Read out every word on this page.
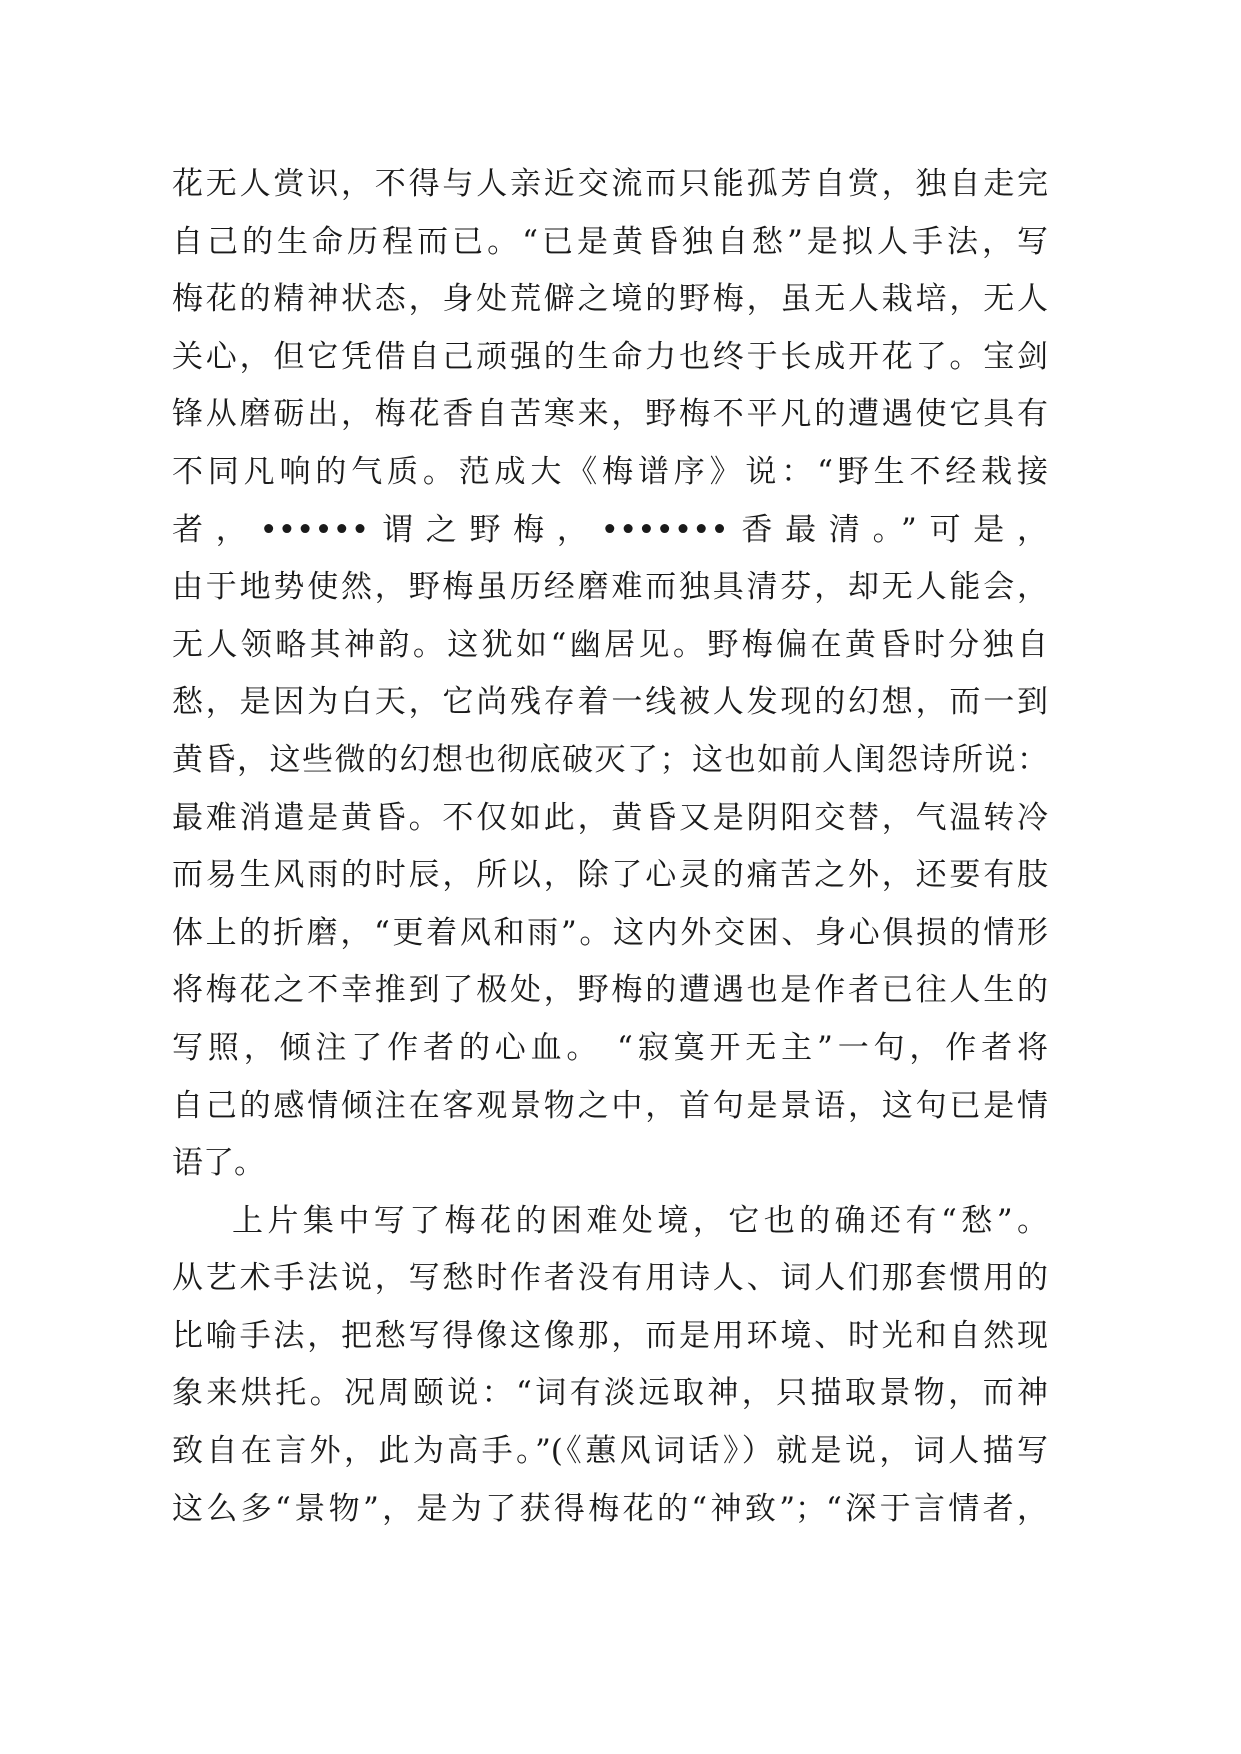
花无人赏识，不得与人亲近交流而只能孤芳自赏，独自走完
自己的生命历程而已。“已是黄昏独自愁”是拟人手法，写
梅花的精神状态，身处荒僻之境的野梅，虽无人栽培，无人
关心，但它凭借自己顽强的生命力也终于长成开花了。宝剑
锋从磨砺出，梅花香自苦寒来，野梅不平凡的遭遇使它具有
不同凡响的气质。范成大《梅谱序》说：“野生不经栽接
者，••••••谓之野梅，•••••••香最清。”可是，
由于地势使然，野梅虽历经磨难而独具清芬，却无人能会，
无人领略其神韵。这犹如“幽居见。野梅偏在黄昏时分独自
愁，是因为白天，它尚残存着一线被人发现的幻想，而一到
黄昏，这些微的幻想也彻底破灭了；这也如前人闺怨诗所说：
最难消遣是黄昏。不仅如此，黄昏又是阴阳交替，气温转冷
而易生风雨的时辰，所以，除了心灵的痛苦之外，还要有肢
体上的折磨，“更着风和雨”。这内外交困、身心俱损的情形
将梅花之不幸推到了极处，野梅的遭遇也是作者已往人生的
写照，倾注了作者的心血。 “寂寞开无主”一句，作者将
自己的感情倾注在客观景物之中，首句是景语，这句已是情
语了。
上片集中写了梅花的困难处境，它也的确还有“愁”。
从艺术手法说，写愁时作者没有用诗人、词人们那套惯用的
比喻手法，把愁写得像这像那，而是用环境、时光和自然现
象来烘托。况周颐说：“词有淡远取神，只描取景物，而神
致自在言外，此为高手。”(《蕙风词话》）就是说，词人描写
这么多“景物”，是为了获得梅花的“神致”；“深于言情者，
